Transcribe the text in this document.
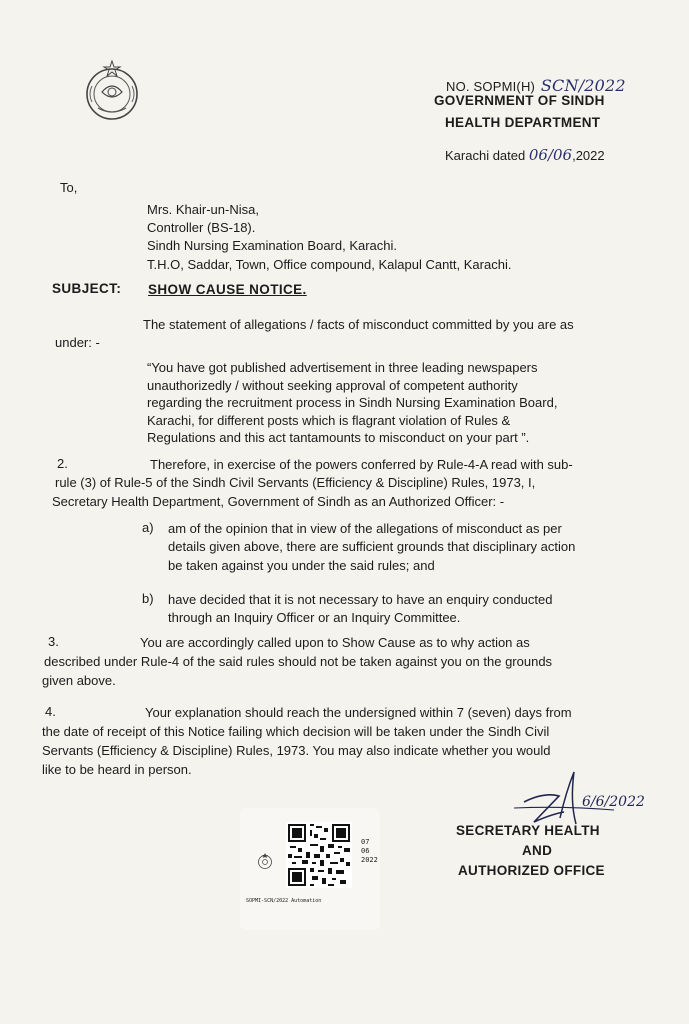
NO. SOPMI(H) SCN/2022
GOVERNMENT OF SINDH
HEALTH DEPARTMENT
Karachi dated 06/06,2022
To,
Mrs. Khair-un-Nisa,
Controller (BS-18).
Sindh Nursing Examination Board, Karachi.
T.H.O, Saddar, Town, Office compound, Kalapul Cantt, Karachi.
SUBJECT: SHOW CAUSE NOTICE.
The statement of allegations / facts of misconduct committed by you are as
under: -
“You have got published advertisement in three leading newspapers
unauthorizedly / without seeking approval of competent authority
regarding the recruitment process in Sindh Nursing Examination Board,
Karachi, for different posts which is flagrant violation of Rules &
Regulations and this act tantamounts to misconduct on your part ”.
2.	Therefore, in exercise of the powers conferred by Rule-4-A read with sub-
rule (3) of Rule-5 of the Sindh Civil Servants (Efficiency & Discipline) Rules, 1973, I,
Secretary Health Department, Government of Sindh as an Authorized Officer: -
a) am of the opinion that in view of the allegations of misconduct as per
details given above, there are sufficient grounds that disciplinary action
be taken against you under the said rules; and
b) have decided that it is not necessary to have an enquiry conducted
through an Inquiry Officer or an Inquiry Committee.
3.	You are accordingly called upon to Show Cause as to why action as
described under Rule-4 of the said rules should not be taken against you on the grounds
given above.
4.	Your explanation should reach the undersigned within 7 (seven) days from
the date of receipt of this Notice failing which decision will be taken under the Sindh Civil
Servants (Efficiency & Discipline) Rules, 1973. You may also indicate whether you would
like to be heard in person.
6/6/2022
SECRETARY HEALTH
AND
AUTHORIZED OFFICE
07
06
2022
SOPMI-SCN/2022 Automation
